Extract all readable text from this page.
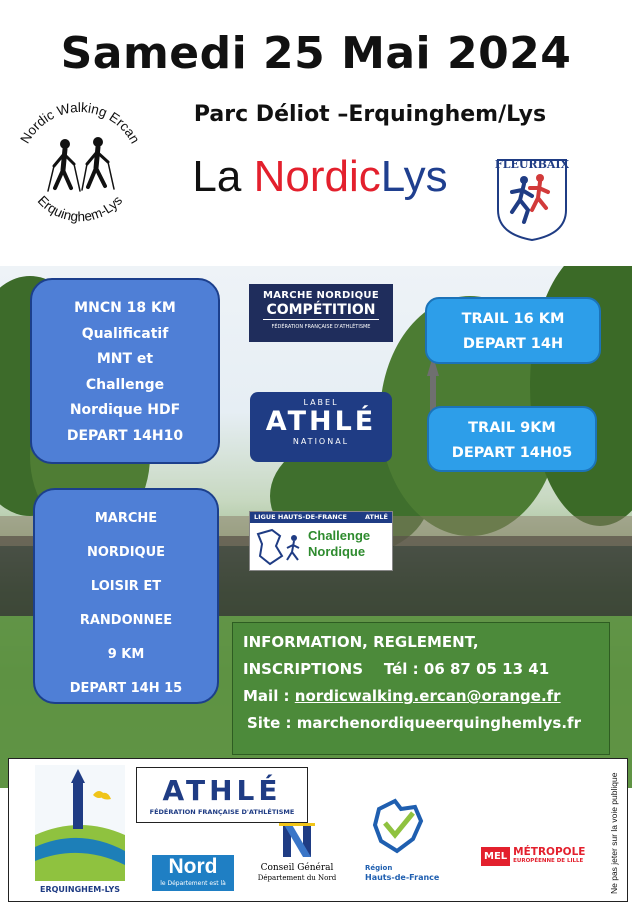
Samedi 25 Mai 2024
Parc Déliot –Erquinghem/Lys
La NordicLys
Nordic Walking Ercan
Erquinghem-Lys
FLEURBAIX
MNCN 18 KM
Qualificatif
MNT et
Challenge
Nordique HDF
DEPART 14H10
MARCHE
NORDIQUE
LOISIR ET
RANDONNEE
9 KM
DEPART 14H 15
TRAIL 16 KM
DEPART 14H
TRAIL 9KM
DEPART 14H05
MARCHE NORDIQUE
COMPÉTITION
FÉDÉRATION FRANÇAISE D'ATHLÉTISME
LABEL
ATHLÉ
NATIONAL
LIGUE HAUTS-DE-FRANCE	ATHLÉ
Challenge
Nordique
INFORMATION, REGLEMENT,
INSCRIPTIONS Tél : 06 87 05 13 41
Mail : nordicwalking.ercan@orange.fr
Site : marchenordiqueerquinghemlys.fr
ERQUINGHEM-LYS
ATHLÉ
FÉDÉRATION FRANÇAISE D'ATHLÉTISME
Nord
le Département est là
Conseil Général
Département du Nord
Région
Hauts-de-France
MEL MÉTROPOLE
EUROPÉENNE DE LILLE	Ne pas jeter sur la voie publique
